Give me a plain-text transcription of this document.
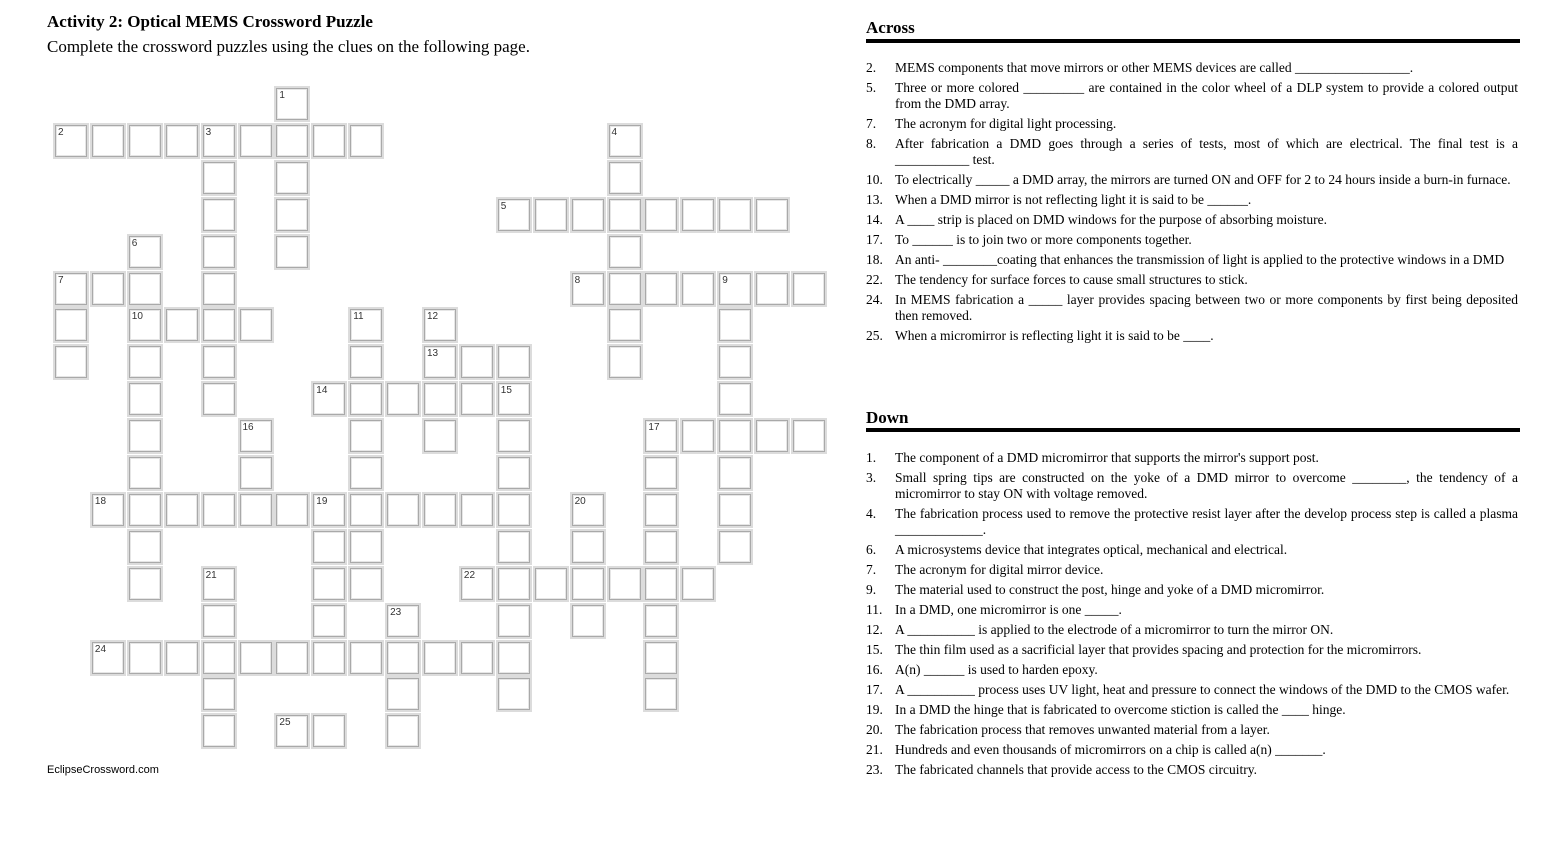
Activity 2: Optical MEMS Crossword Puzzle
Complete the crossword puzzles using the clues on the following page.
1
2	3	4
5
6
7	8	9
10	11	12
13
14	15
16	17
18	19	20
21	22
23
24
25
EclipseCrossword.com
Across
2. MEMS components that move mirrors or other MEMS devices are called _________________.
5. Three or more colored _________ are contained in the color wheel of a DLP system to provide a colored output from the DMD array.
7. The acronym for digital light processing.
8. After fabrication a DMD goes through a series of tests, most of which are electrical. The final test is a ___________ test.
10. To electrically _____ a DMD array, the mirrors are turned ON and OFF for 2 to 24 hours inside a burn-in furnace.
13. When a DMD mirror is not reflecting light it is said to be ______.
14. A ____ strip is placed on DMD windows for the purpose of absorbing moisture.
17. To ______ is to join two or more components together.
18. An anti- ________coating that enhances the transmission of light is applied to the protective windows in a DMD
22. The tendency for surface forces to cause small structures to stick.
24. In MEMS fabrication a _____ layer provides spacing between two or more components by first being deposited then removed.
25. When a micromirror is reflecting light it is said to be ____.
Down
1. The component of a DMD micromirror that supports the mirror's support post.
3. Small spring tips are constructed on the yoke of a DMD mirror to overcome ________, the tendency of a micromirror to stay ON with voltage removed.
4. The fabrication process used to remove the protective resist layer after the develop process step is called a plasma _____________.
6. A microsystems device that integrates optical, mechanical and electrical.
7. The acronym for digital mirror device.
9. The material used to construct the post, hinge and yoke of a DMD micromirror.
11. In a DMD, one micromirror is one _____.
12. A __________ is applied to the electrode of a micromirror to turn the mirror ON.
15. The thin film used as a sacrificial layer that provides spacing and protection for the micromirrors.
16. A(n) ______ is used to harden epoxy.
17. A __________ process uses UV light, heat and pressure to connect the windows of the DMD to the CMOS wafer.
19. In a DMD the hinge that is fabricated to overcome stiction is called the ____ hinge.
20. The fabrication process that removes unwanted material from a layer.
21. Hundreds and even thousands of micromirrors on a chip is called a(n) _______.
23. The fabricated channels that provide access to the CMOS circuitry.
